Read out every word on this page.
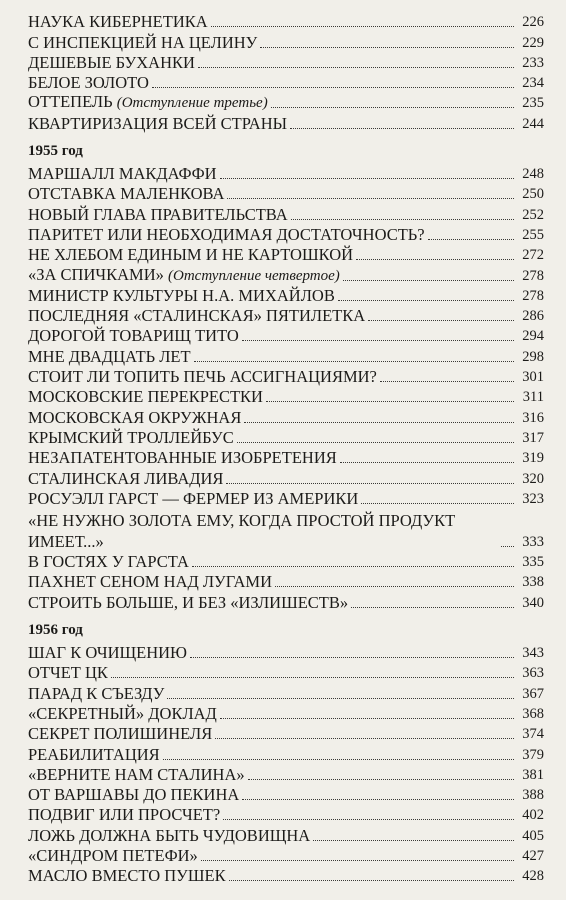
НАУКА КИБЕРНЕТИКА	226
С ИНСПЕКЦИЕЙ НА ЦЕЛИНУ	229
ДЕШЕВЫЕ БУХАНКИ	233
БЕЛОЕ ЗОЛОТО	234
ОТТЕПЕЛЬ (Отступление третье)	235
КВАРТИРИЗАЦИЯ ВСЕЙ СТРАНЫ	244
1955 год
МАРШАЛЛ МАКДАФФИ	248
ОТСТАВКА МАЛЕНКОВА	250
НОВЫЙ ГЛАВА ПРАВИТЕЛЬСТВА	252
ПАРИТЕТ ИЛИ НЕОБХОДИМАЯ ДОСТАТОЧНОСТЬ?	255
НЕ ХЛЕБОМ ЕДИНЫМ И НЕ КАРТОШКОЙ	272
«ЗА СПИЧКАМИ» (Отступление четвертое)	278
МИНИСТР КУЛЬТУРЫ Н.А. МИХАЙЛОВ	278
ПОСЛЕДНЯЯ «СТАЛИНСКАЯ» ПЯТИЛЕТКА	286
ДОРОГОЙ ТОВАРИЩ ТИТО	294
МНЕ ДВАДЦАТЬ ЛЕТ	298
СТОИТ ЛИ ТОПИТЬ ПЕЧЬ АССИГНАЦИЯМИ?	301
МОСКОВСКИЕ ПЕРЕКРЕСТКИ	311
МОСКОВСКАЯ ОКРУЖНАЯ	316
КРЫМСКИЙ ТРОЛЛЕЙБУС	317
НЕЗАПАТЕНТОВАННЫЕ ИЗОБРЕТЕНИЯ	319
СТАЛИНСКАЯ ЛИВАДИЯ	320
РОСУЭЛЛ ГАРСТ — ФЕРМЕР ИЗ АМЕРИКИ	323
«НЕ НУЖНО ЗОЛОТА ЕМУ, КОГДА ПРОСТОЙ ПРОДУКТ ИМЕЕТ...»	333
В ГОСТЯХ У ГАРСТА	335
ПАХНЕТ СЕНОМ НАД ЛУГАМИ	338
СТРОИТЬ БОЛЬШЕ, И БЕЗ «ИЗЛИШЕСТВ»	340
1956 год
ШАГ К ОЧИЩЕНИЮ	343
ОТЧЕТ ЦК	363
ПАРАД К СЪЕЗДУ	367
«СЕКРЕТНЫЙ» ДОКЛАД	368
СЕКРЕТ ПОЛИШИНЕЛЯ	374
РЕАБИЛИТАЦИЯ	379
«ВЕРНИТЕ НАМ СТАЛИНА»	381
ОТ ВАРШАВЫ ДО ПЕКИНА	388
ПОДВИГ ИЛИ ПРОСЧЕТ?	402
ЛОЖЬ ДОЛЖНА БЫТЬ ЧУДОВИЩНА	405
«СИНДРОМ ПЕТЕФИ»	427
МАСЛО ВМЕСТО ПУШЕК	428
